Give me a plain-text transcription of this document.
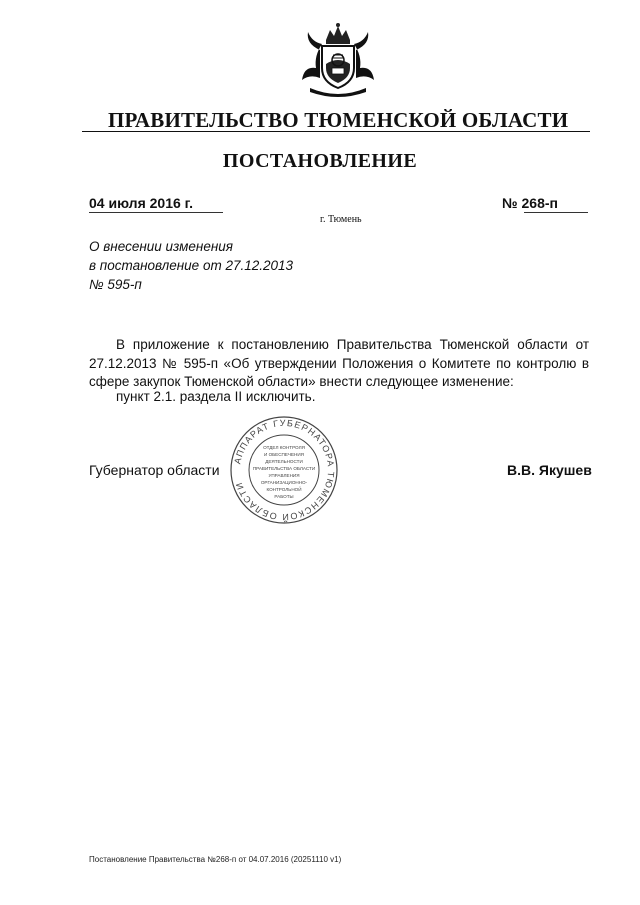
ПРАВИТЕЛЬСТВО ТЮМЕНСКОЙ ОБЛАСТИ
ПОСТАНОВЛЕНИЕ
04 июля 2016 г.	№ 268-п
г. Тюмень
О внесении изменения
в постановление от 27.12.2013
№ 595-п
В приложение к постановлению Правительства Тюменской области от 27.12.2013 № 595-п «Об утверждении Положения о Комитете по контролю в сфере закупок Тюменской области» внести следующее изменение:
пункт 2.1. раздела II исключить.
АППАРАТ ГУБЕРНАТОРА ТЮМЕНСКОЙ ОБЛАСТИ
ОТДЕЛ КОНТРОЛЯ
И ОБЕСПЕЧЕНИЯ
ДЕЯТЕЛЬНОСТИ
ПРАВИТЕЛЬСТВА ОБЛАСТИ
УПРАВЛЕНИЯ
ОРГАНИЗАЦИОННО-
КОНТРОЛЬНОЙ
РАБОТЫ
Губернатор области	В.В. Якушев
Постановление Правительства №268-п от 04.07.2016 (20251110 v1)
